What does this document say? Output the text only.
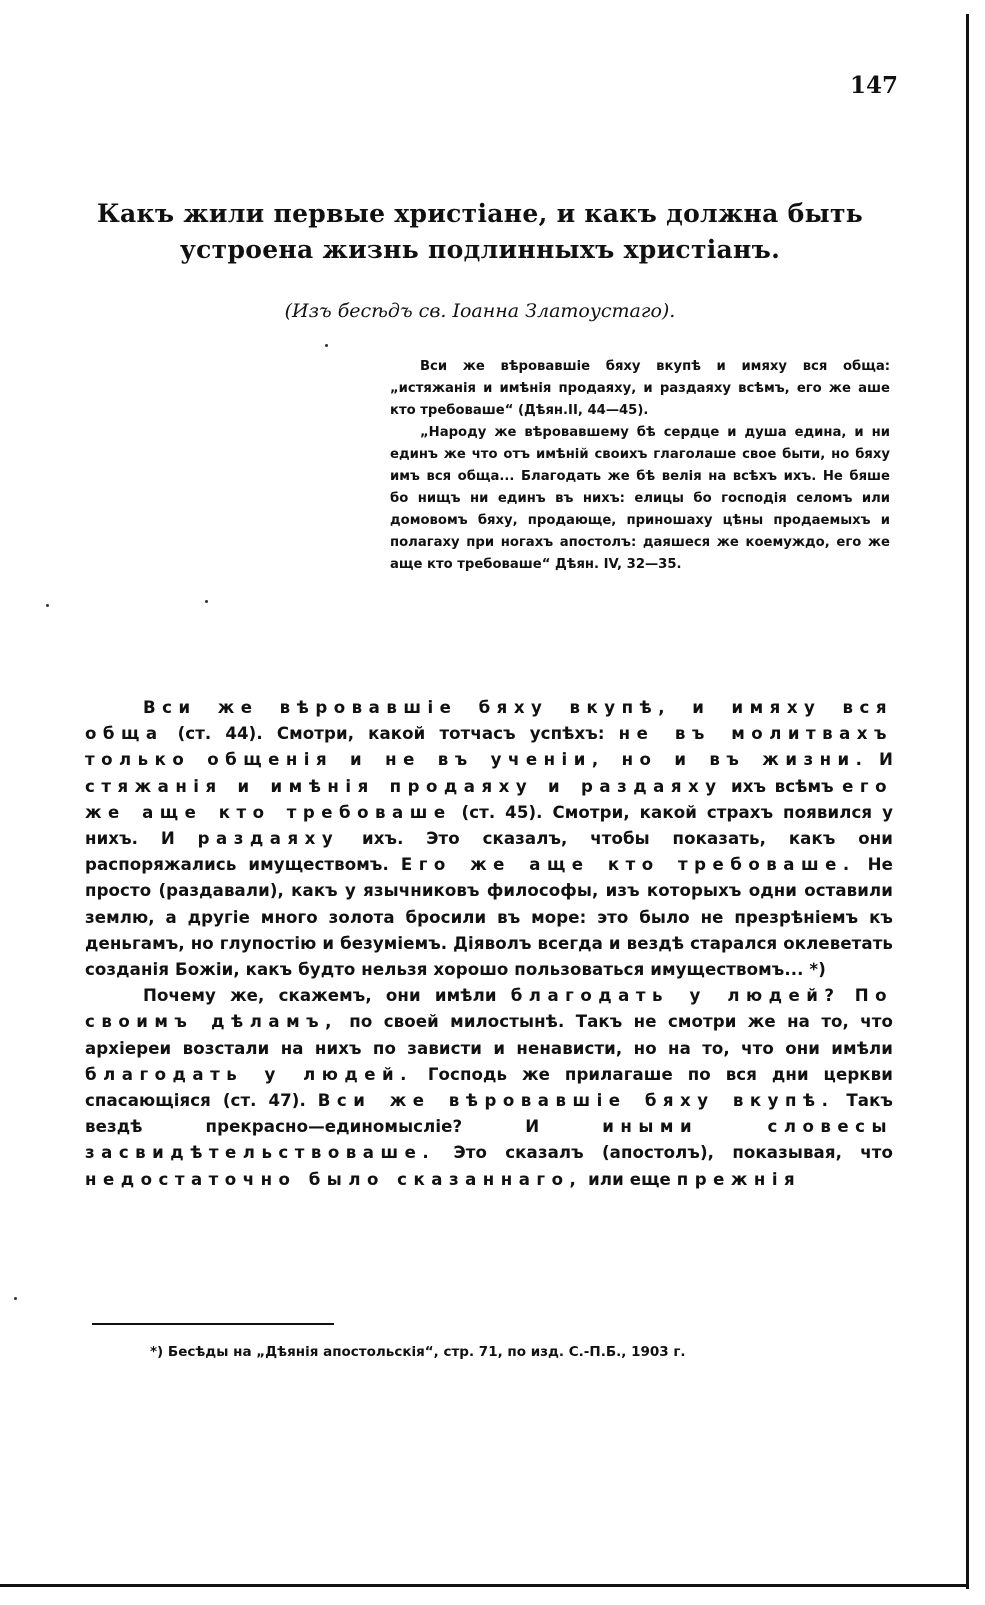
147
Какъ жили первые христіане, и какъ должна быть
устроена жизнь подлинныхъ христіанъ.
(Изъ бесѣдъ св. Іоанна Златоустаго).

Вси же вѣровавшіе бяху вкупѣ и имяху вся обща: „истяжанія и имѣнія продаяху, и раздаяху всѣмъ, его же аше кто требоваше“ (Дѣян.II, 44—45).

„Народу же вѣровавшему бѣ сердце и душа едина, и ни единъ же что отъ имѣній своихъ глаголаше свое быти, но бяху имъ вся обща... Благодать же бѣ велія на всѣхъ ихъ. Не бяше бо нищъ ни единъ въ нихъ: елицы бо господія селомъ или домовомъ бяху, продающе, приношаху цѣны продаемыхъ и полагаху при ногахъ апостолъ: даяшеся же коемуждо, его же аще кто требоваше“ Дѣян. IV, 32—35.

Вси же вѣровавшіе бяху вкупѣ, и имяху вся обща (ст. 44). Смотри, какой тотчасъ успѣхъ: не въ молитвахъ только общенія и не въ ученіи, но и въ жизни. И стяжанія и имѣнія продаяху и раздаяху ихъ всѣмъ его же аще кто требоваше (ст. 45). Смотри, какой страхъ появился у нихъ. И раздаяху ихъ. Это сказалъ, чтобы показать, какъ они распоряжались имуществомъ. Его же аще кто требоваше. Не просто (раздавали), какъ у язычниковъ философы, изъ которыхъ одни оставили землю, а другіе много золота бросили въ море: это было не презрѣніемъ къ деньгамъ, но глупостію и безуміемъ. Діяволъ всегда и вездѣ старался оклеветать созданія Божіи, какъ будто нельзя хорошо пользоваться имуществомъ... *)

Почему же, скажемъ, они имѣли благодать у людей? По своимъ дѣламъ, по своей милостынѣ. Такъ не смотри же на то, что архіереи возстали на нихъ по зависти и ненависти, но на то, что они имѣли благодать у людей. Господь же прилагаше по вся дни церкви спасающіяся (ст. 47). Вси же вѣровавшіе бяху вкупѣ. Такъ вездѣ прекрасно—единомысліе? И иными словесы засвидѣтельствоваше. Это сказалъ (апостолъ), показывая, что недостаточно было сказаннаго, или еще прежнія

*) Бесѣды на „Дѣянія апостольскія“, стр. 71, по изд. С.-П.Б., 1903 г.
